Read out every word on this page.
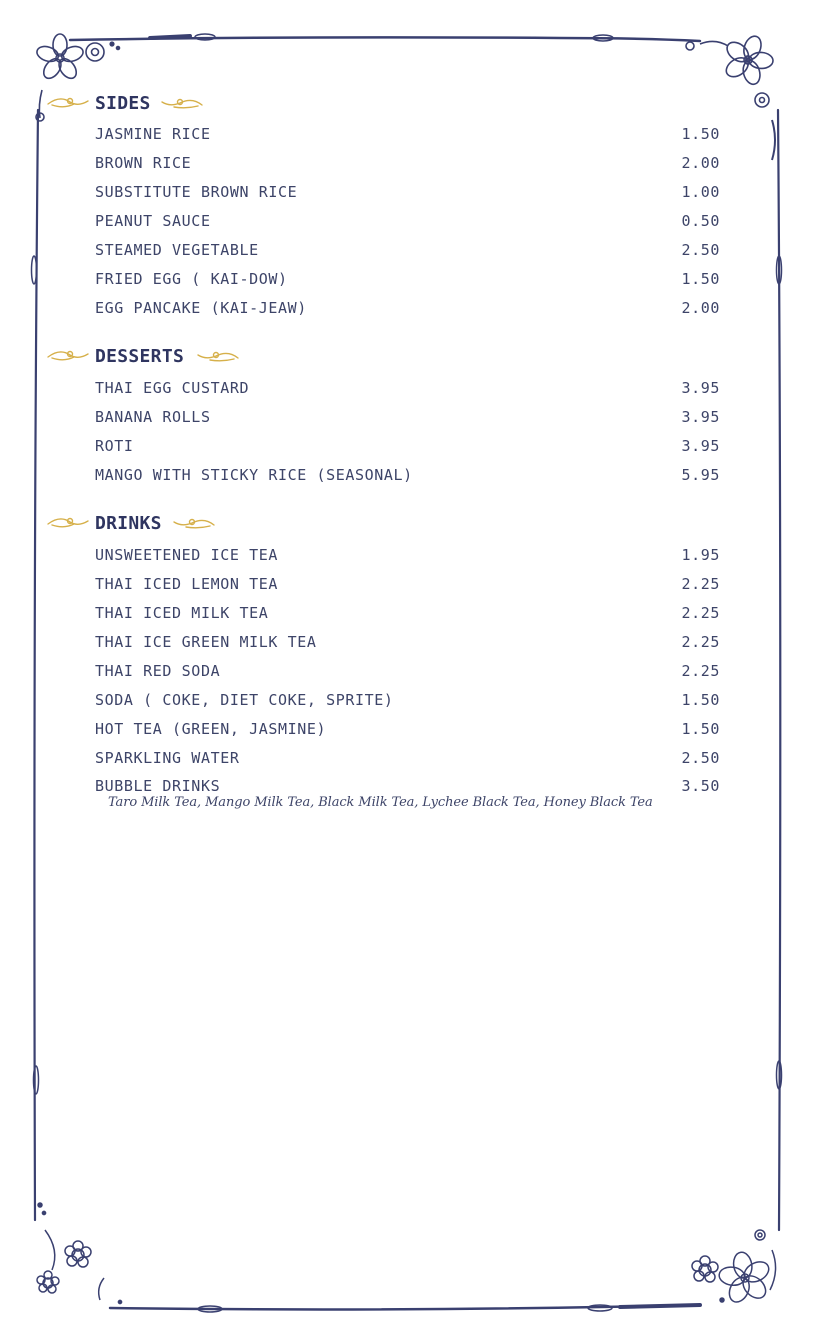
SIDES
JASMINE RICE	1.50
BROWN RICE	2.00
SUBSTITUTE BROWN RICE	1.00
PEANUT SAUCE	0.50
STEAMED VEGETABLE	2.50
FRIED EGG ( KAI-DOW)	1.50
EGG PANCAKE (KAI-JEAW)	2.00
DESSERTS
THAI EGG CUSTARD	3.95
BANANA ROLLS	3.95
ROTI	3.95
MANGO WITH STICKY RICE (SEASONAL)	5.95
DRINKS
UNSWEETENED ICE TEA	1.95
THAI ICED LEMON TEA	2.25
THAI ICED MILK TEA	2.25
THAI ICE GREEN MILK TEA	2.25
THAI RED SODA	2.25
SODA ( COKE, DIET COKE, SPRITE)	1.50
HOT TEA (GREEN, JASMINE)	1.50
SPARKLING WATER	2.50
BUBBLE DRINKS	3.50
Taro Milk Tea, Mango Milk Tea, Black Milk Tea, Lychee Black Tea, Honey Black Tea
